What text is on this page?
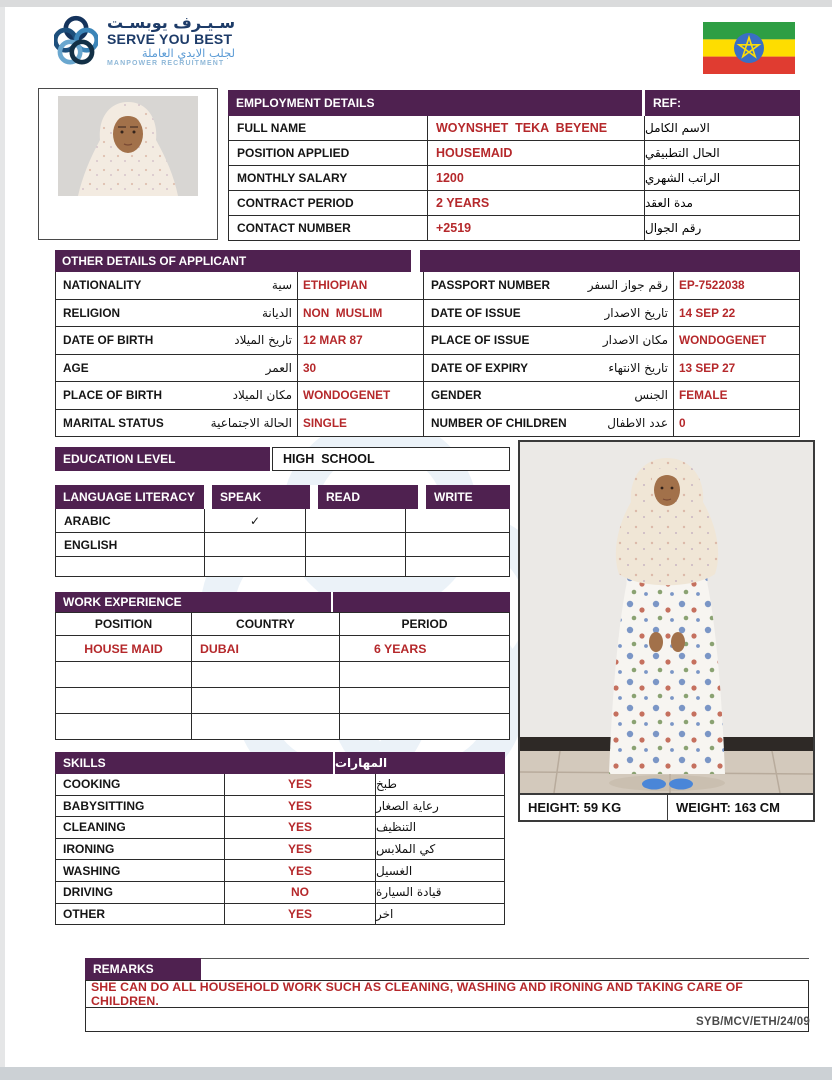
سـيـرف يوبسـت
SERVE YOU BEST
لجلب الايدي العاملة
MANPOWER RECRUITMENT
EMPLOYMENT DETAILS	REF:
FULL NAME	WOYNSHET  TEKA  BEYENE	الاسم الكامل
POSITION APPLIED	HOUSEMAID	الحال التطبيقي
MONTHLY SALARY	1200	الراتب الشهري
CONTRACT PERIOD	2 YEARS	مدة العقد
CONTACT NUMBER	+2519	رقم الجوال
OTHER DETAILS OF APPLICANT
NATIONALITY	سية ETHIOPIAN	PASSPORT NUMBER	رقم جواز السفر EP-7522038
RELIGION	الديانة NON  MUSLIM	DATE OF ISSUE	تاريخ الاصدار 14 SEP 22
DATE OF BIRTH	تاريخ الميلاد 12 MAR 87	PLACE OF ISSUE	مكان الاصدار WONDOGENET
AGE	العمر 30	DATE OF EXPIRY	تاريخ الانتهاء 13 SEP 27
PLACE OF BIRTH	مكان الميلاد WONDOGENET	GENDER	الجنس FEMALE
MARITAL STATUS	الحالة الاجتماعية SINGLE	NUMBER OF CHILDREN	عدد الاطفال 0
EDUCATION LEVEL	HIGH  SCHOOL
LANGUAGE LITERACY	SPEAK	READ	WRITE
ARABIC	✓
ENGLISH
WORK EXPERIENCE
POSITION	COUNTRY	PERIOD
HOUSE MAID	DUBAI	6 YEARS
HEIGHT: 59 KG	WEIGHT: 163 CM
SKILLS	المهارات
COOKING	YES	طبخ
BABYSITTING	YES	رعاية الصغار
CLEANING	YES	التنظيف
IRONING	YES	كي الملابس
WASHING	YES	الغسيل
DRIVING	NO	قيادة السيارة
OTHER	YES	اخر
REMARKS
SHE CAN DO ALL HOUSEHOLD WORK SUCH AS CLEANING, WASHING AND IRONING AND TAKING CARE OF CHILDREN.
SYB/MCV/ETH/24/09
